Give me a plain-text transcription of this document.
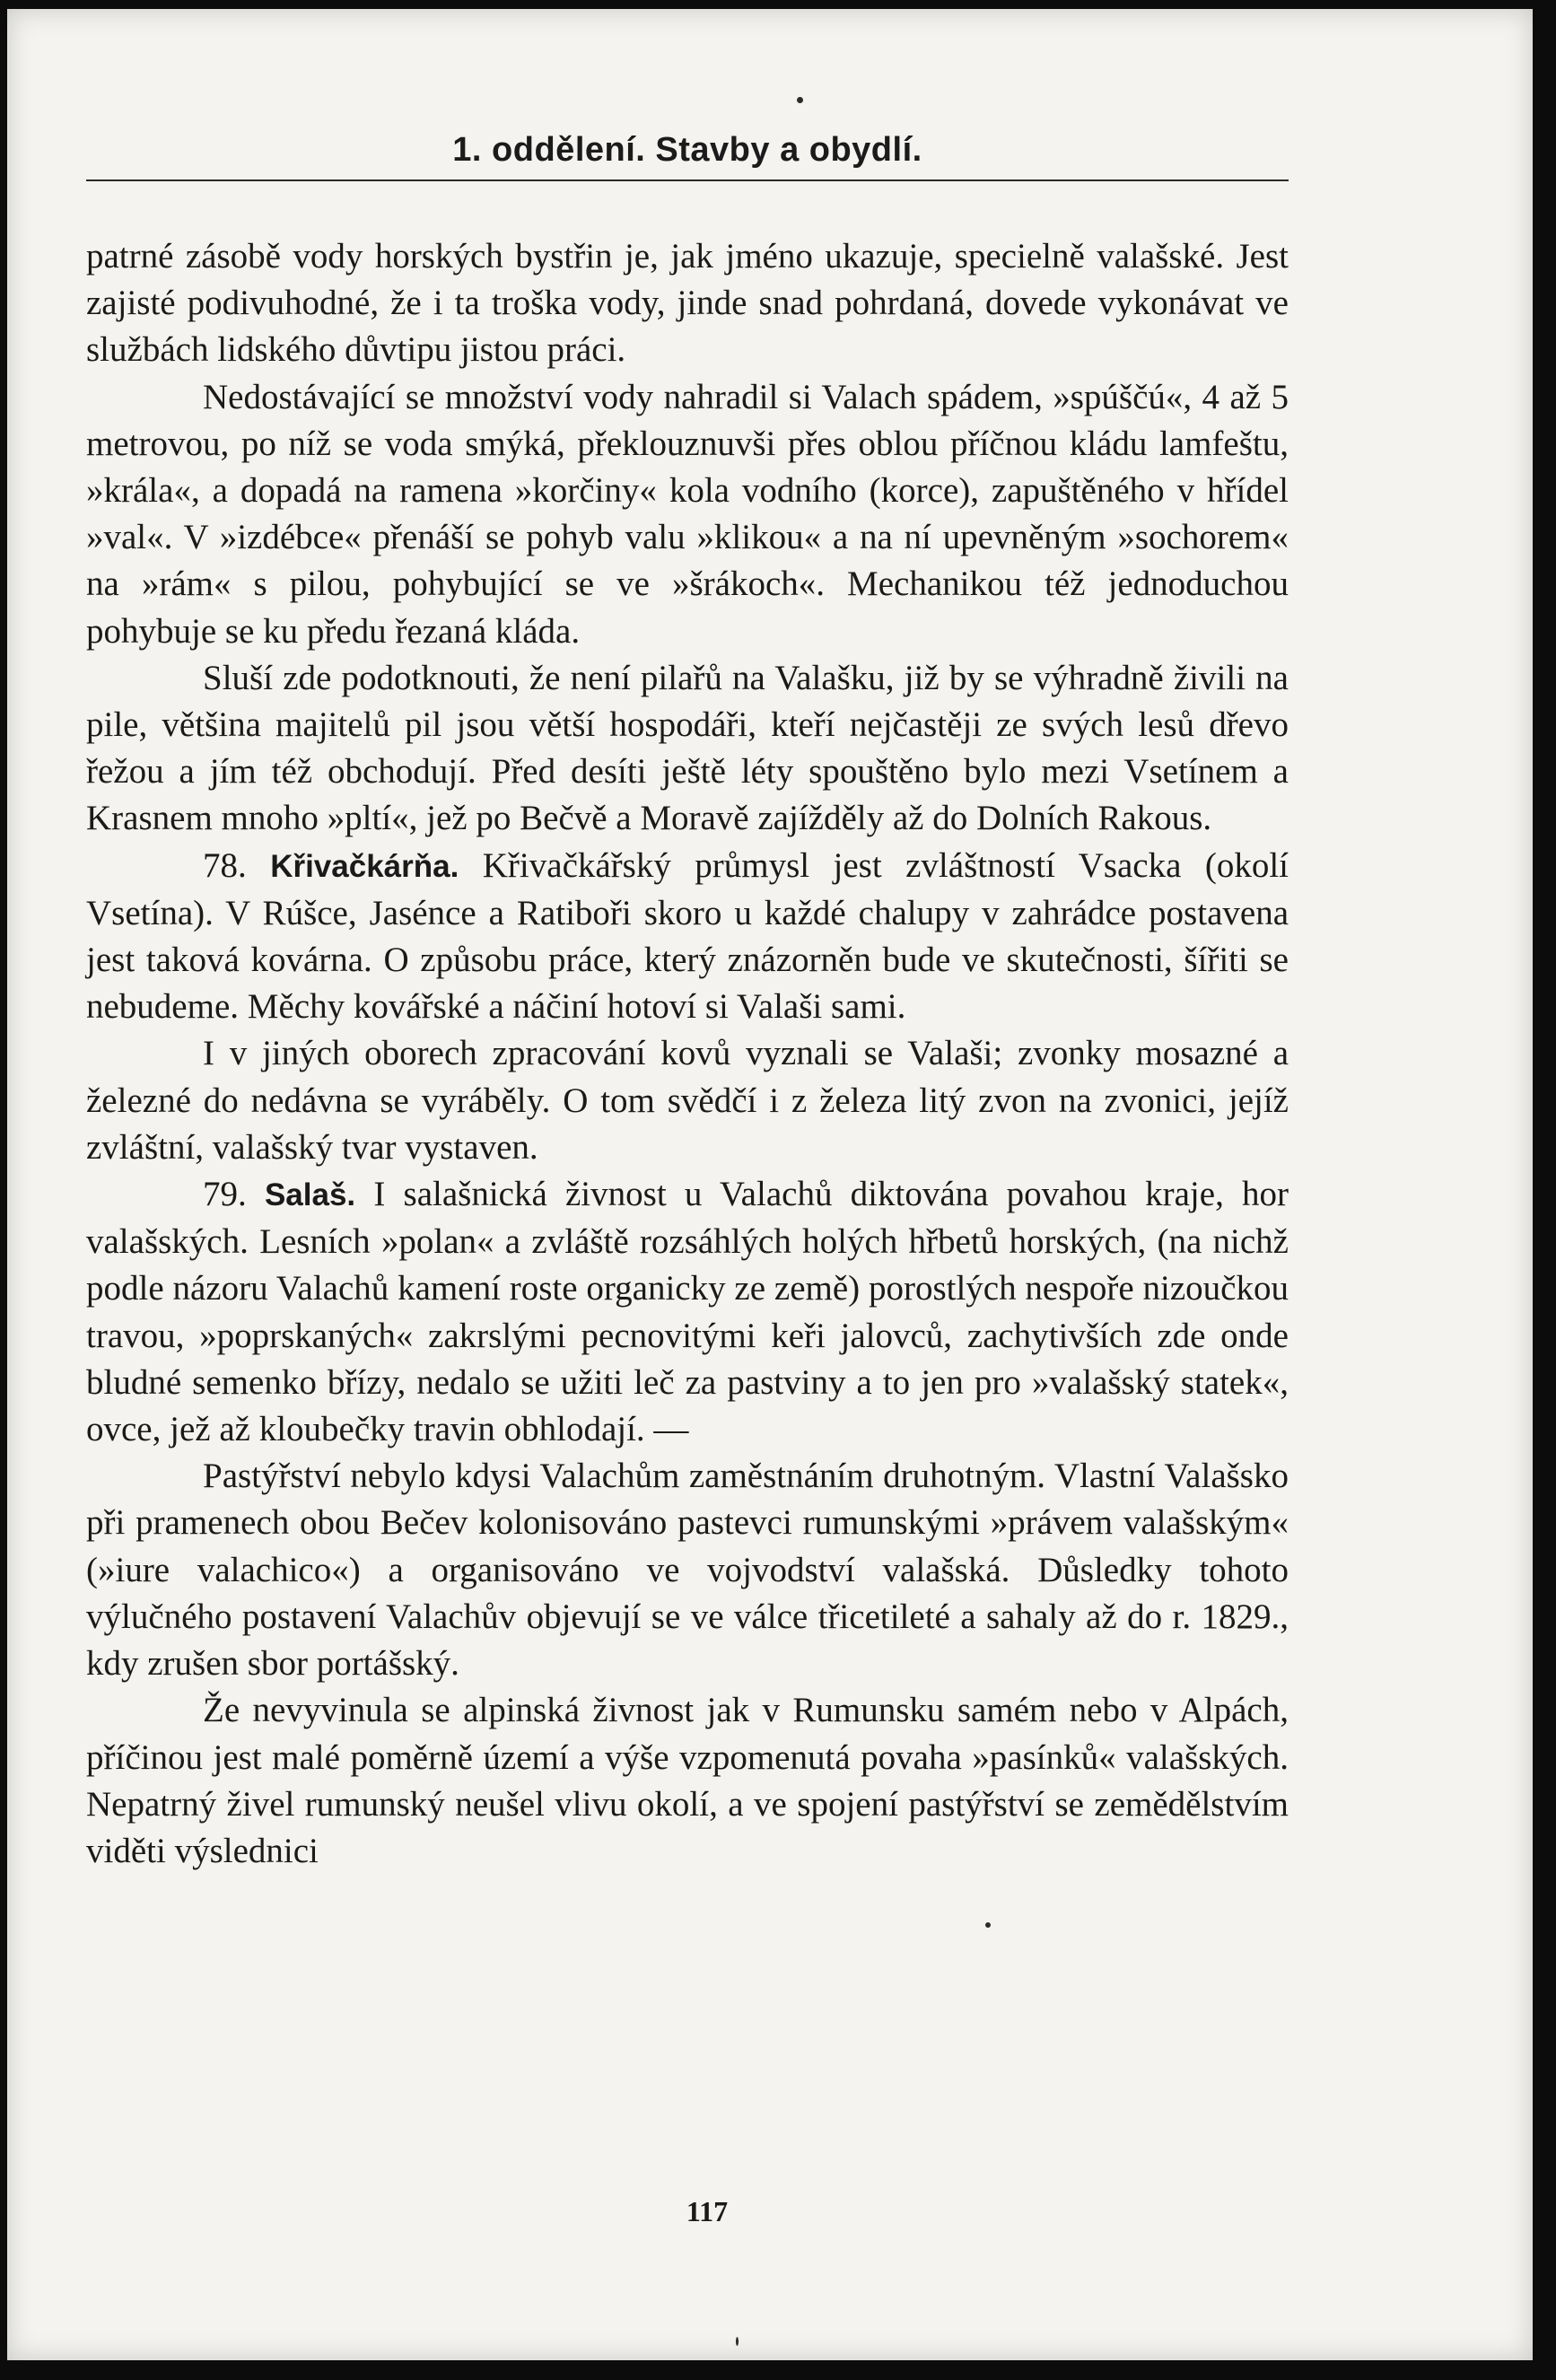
1. oddělení. Stavby a obydlí.

patrné zásobě vody horských bystřin je, jak jméno ukazuje, specielně valašské. Jest zajisté podivuhodné, že i ta troška vody, jinde snad pohrdaná, dovede vykonávat ve službách lidského důvtipu jistou práci.

Nedostávající se množství vody nahradil si Valach spádem, »spúščú«, 4 až 5 metrovou, po níž se voda smýká, překlouznuvši přes oblou příčnou kládu lamfeštu, »krála«, a dopadá na ramena »korčiny« kola vodního (korce), zapuštěného v hřídel »val«. V »izdébce« přenáší se pohyb valu »klikou« a na ní upevněným »sochorem« na »rám« s pilou, pohybující se ve »šrákoch«. Mechanikou též jednoduchou pohybuje se ku předu řezaná kláda.

Sluší zde podotknouti, že není pilařů na Valašku, již by se výhradně živili na pile, většina majitelů pil jsou větší hospodáři, kteří nejčastěji ze svých lesů dřevo řežou a jím též obchodují. Před desíti ještě léty spouštěno bylo mezi Vsetínem a Krasnem mnoho »pltí«, jež po Bečvě a Moravě zajížděly až do Dolních Rakous.

78. Křivačkárňa. Křivačkářský průmysl jest zvláštností Vsacka (okolí Vsetína). V Rúšce, Jasénce a Ratiboři skoro u každé chalupy v zahrádce postavena jest taková kovárna. O způsobu práce, který znázorněn bude ve skutečnosti, šířiti se nebudeme. Měchy kovářské a náčiní hotoví si Valaši sami.

I v jiných oborech zpracování kovů vyznali se Valaši; zvonky mosazné a železné do nedávna se vyráběly. O tom svědčí i z železa litý zvon na zvonici, jejíž zvláštní, valašský tvar vystaven.

79. Salaš. I salašnická živnost u Valachů diktována povahou kraje, hor valašských. Lesních »polan« a zvláště rozsáhlých holých hřbetů horských, (na nichž podle názoru Valachů kamení roste organicky ze země) porostlých nespoře nizoučkou travou, »poprskaných« zakrslými pecnovitými keři jalovců, zachytivších zde onde bludné semenko břízy, nedalo se užiti leč za pastviny a to jen pro »valašský statek«, ovce, jež až kloubečky travin obhlodají. —

Pastýřství nebylo kdysi Valachům zaměstnáním druhotným. Vlastní Valašsko při pramenech obou Bečev kolonisováno pastevci rumunskými »právem valašským« (»iure valachico«) a organisováno ve vojvodství valašská. Důsledky tohoto výlučného postavení Valachův objevují se ve válce třicetileté a sahaly až do r. 1829., kdy zrušen sbor portášský.

Že nevyvinula se alpinská živnost jak v Rumunsku samém nebo v Alpách, příčinou jest malé poměrně území a výše vzpomenutá povaha »pasínků« valašských. Nepatrný živel rumunský neušel vlivu okolí, a ve spojení pastýřství se zemědělstvím viděti výslednici

117
